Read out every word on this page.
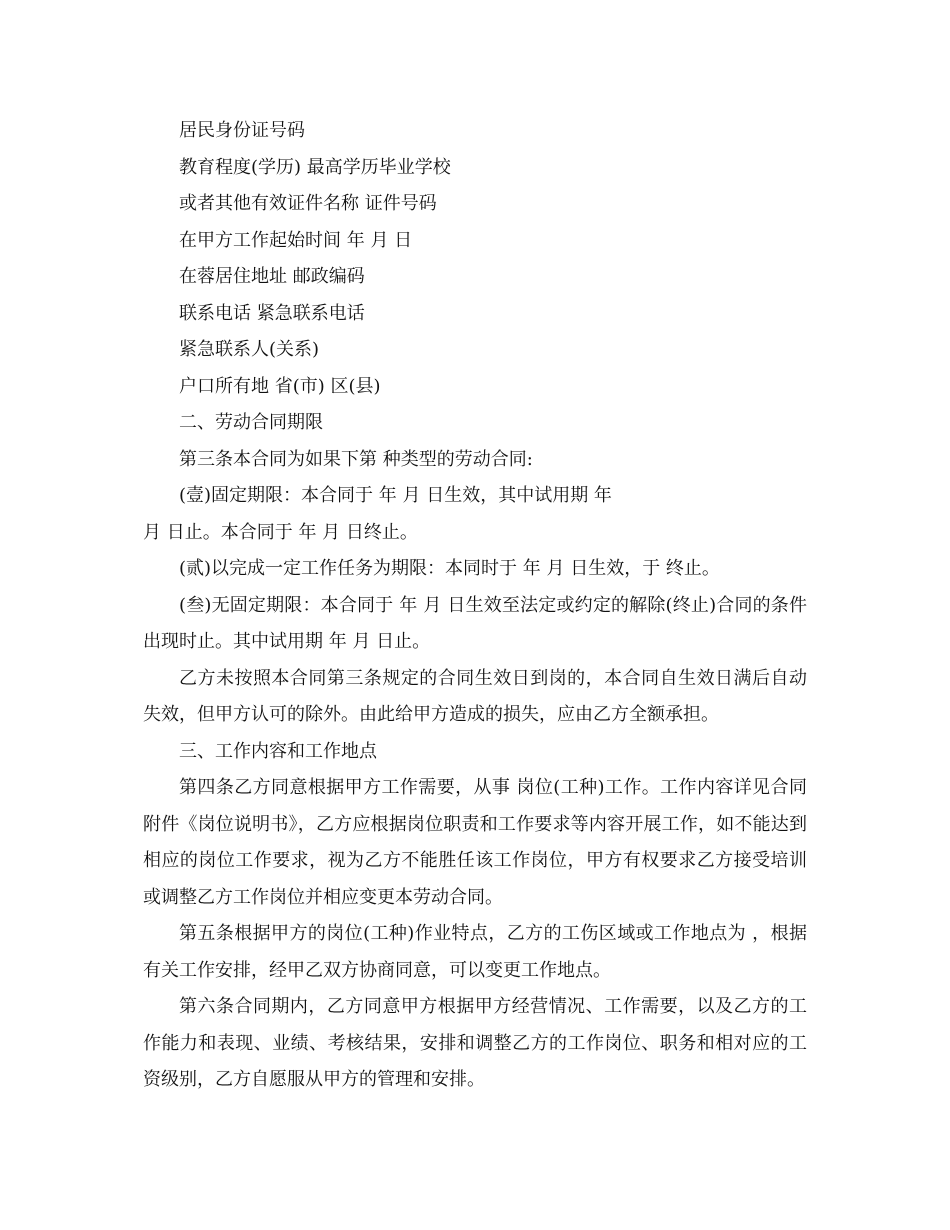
居民身份证号码

教育程度(学历) 最高学历毕业学校

或者其他有效证件名称 证件号码

在甲方工作起始时间 年 月 日

在蓉居住地址 邮政编码

联系电话 紧急联系电话

紧急联系人(关系)

户口所有地 省(市) 区(县)

二、劳动合同期限

第三条本合同为如果下第 种类型的劳动合同:

(壹)固定期限：本合同于 年 月 日生效，其中试用期 年

月 日止。本合同于 年 月 日终止。

(贰)以完成一定工作任务为期限：本同时于 年 月 日生效，于 终止。

(叁)无固定期限：本合同于 年 月 日生效至法定或约定的解除(终止)合同的条件出现时止。其中试用期 年 月 日止。

乙方未按照本合同第三条规定的合同生效日到岗的，本合同自生效日满后自动失效，但甲方认可的除外。由此给甲方造成的损失，应由乙方全额承担。

三、工作内容和工作地点

第四条乙方同意根据甲方工作需要，从事 岗位(工种)工作。工作内容详见合同附件《岗位说明书》，乙方应根据岗位职责和工作要求等内容开展工作，如不能达到相应的岗位工作要求，视为乙方不能胜任该工作岗位，甲方有权要求乙方接受培训或调整乙方工作岗位并相应变更本劳动合同。

第五条根据甲方的岗位(工种)作业特点，乙方的工伤区域或工作地点为 ，根据有关工作安排，经甲乙双方协商同意，可以变更工作地点。

第六条合同期内，乙方同意甲方根据甲方经营情况、工作需要，以及乙方的工作能力和表现、业绩、考核结果，安排和调整乙方的工作岗位、职务和相对应的工资级别，乙方自愿服从甲方的管理和安排。
